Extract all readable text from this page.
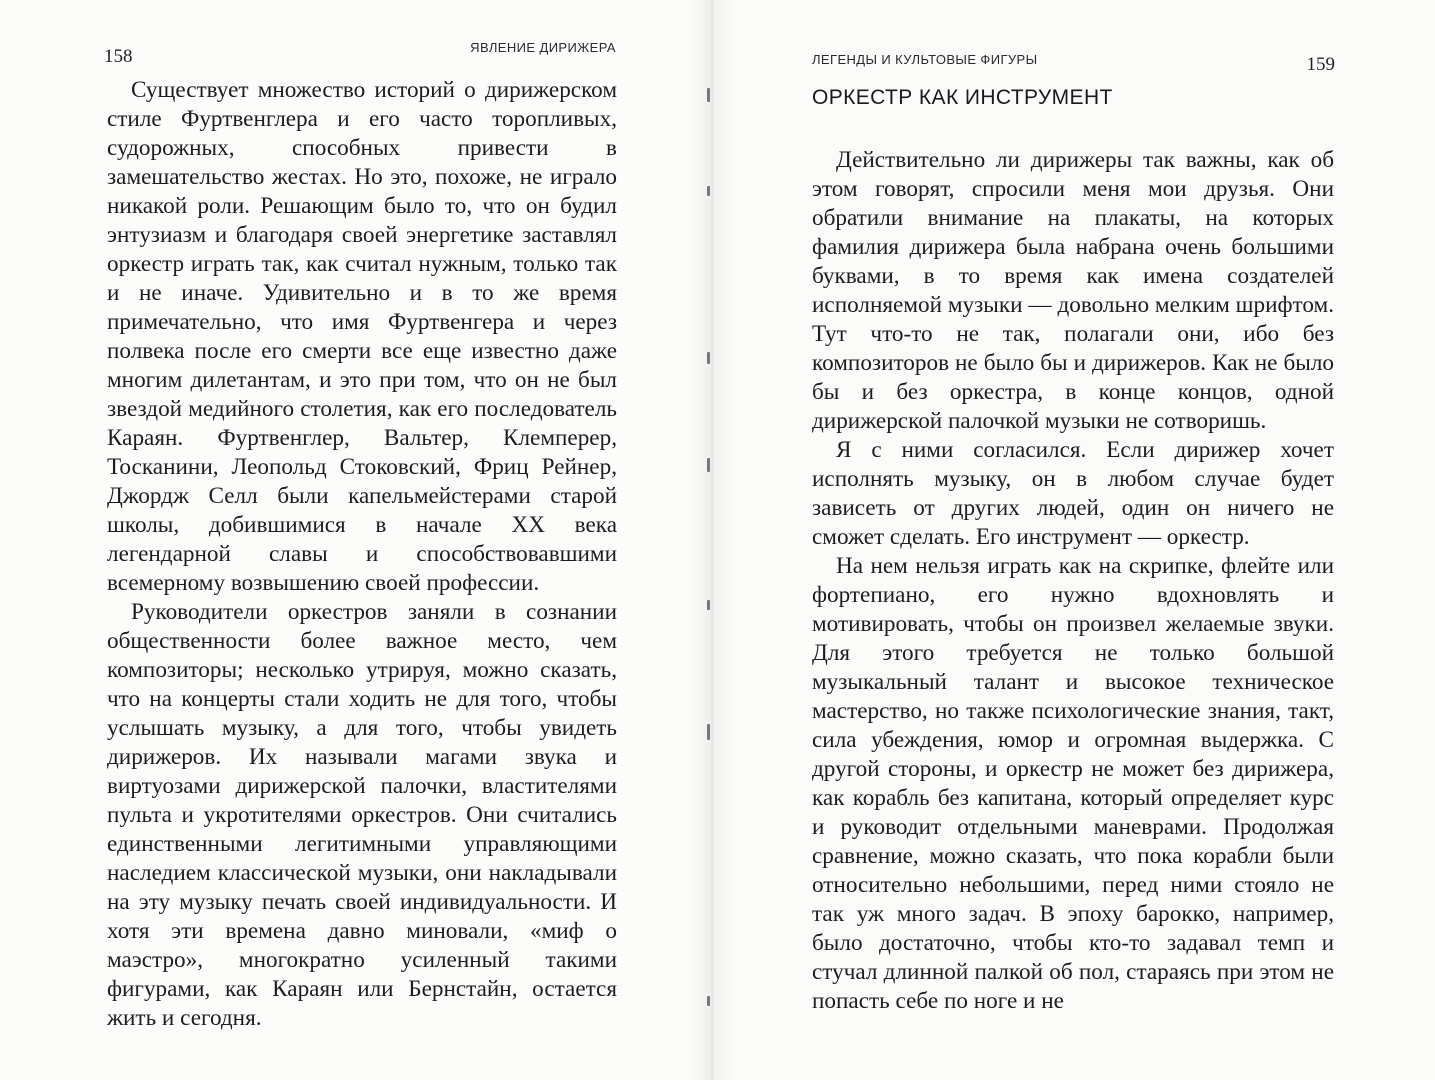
158	ЯВЛЕНИЕ ДИРИЖЕРА

Существует множество историй о дирижерском стиле Фуртвенглера и его часто торопливых, судорожных, способных привести в замешательство жестах. Но это, похоже, не играло никакой роли. Решающим было то, что он будил энтузиазм и благодаря своей энергетике заставлял оркестр играть так, как считал нужным, только так и не иначе. Удивительно и в то же время примечательно, что имя Фуртвенгера и через полвека после его смерти все еще известно даже многим дилетантам, и это при том, что он не был звездой медийного столетия, как его последователь Караян. Фуртвенглер, Вальтер, Клемперер, Тосканини, Леопольд Стоковский, Фриц Рейнер, Джордж Селл были капельмейстерами старой школы, добившимися в начале XX века легендарной славы и способствовавшими всемерному возвышению своей профессии.

Руководители оркестров заняли в сознании общественности более важное место, чем композиторы; несколько утрируя, можно сказать, что на концерты стали ходить не для того, чтобы услышать музыку, а для того, чтобы увидеть дирижеров. Их называли магами звука и виртуозами дирижерской палочки, властителями пульта и укротителями оркестров. Они считались единственными легитимными управляющими наследием классической музыки, они накладывали на эту музыку печать своей индивидуальности. И хотя эти времена давно миновали, «миф о маэстро», многократно усиленный такими фигурами, как Караян или Бернстайн, остается жить и сегодня.

ЛЕГЕНДЫ И КУЛЬТОВЫЕ ФИГУРЫ	159
ОРКЕСТР КАК ИНСТРУМЕНТ

Действительно ли дирижеры так важны, как об этом говорят, спросили меня мои друзья. Они обратили внимание на плакаты, на которых фамилия дирижера была набрана очень большими буквами, в то время как имена создателей исполняемой музыки — довольно мелким шрифтом. Тут что-то не так, полагали они, ибо без композиторов не было бы и дирижеров. Как не было бы и без оркестра, в конце концов, одной дирижерской палочкой музыки не сотворишь.

Я с ними согласился. Если дирижер хочет исполнять музыку, он в любом случае будет зависеть от других людей, один он ничего не сможет сделать. Его инструмент — оркестр.

На нем нельзя играть как на скрипке, флейте или фортепиано, его нужно вдохновлять и мотивировать, чтобы он произвел желаемые звуки. Для этого требуется не только большой музыкальный талант и высокое техническое мастерство, но также психологические знания, такт, сила убеждения, юмор и огромная выдержка. С другой стороны, и оркестр не может без дирижера, как корабль без капитана, который определяет курс и руководит отдельными маневрами. Продолжая сравнение, можно сказать, что пока корабли были относительно небольшими, перед ними стояло не так уж много задач. В эпоху барокко, например, было достаточно, чтобы кто-то задавал темп и стучал длинной палкой об пол, стараясь при этом не попасть себе по ноге и не
